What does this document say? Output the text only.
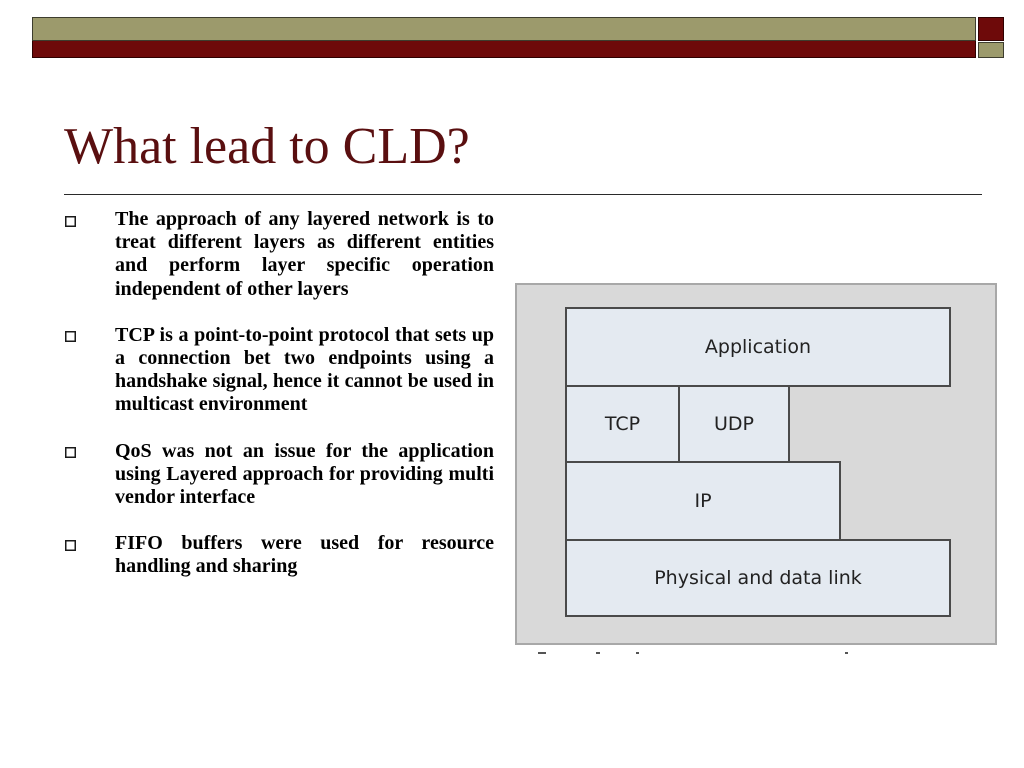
What lead to CLD?
The approach of any layered network is to treat different layers as different entities and perform layer specific operation independent of other layers
TCP is a point-to-point protocol that sets up a connection bet two endpoints using a handshake signal, hence it cannot be used in multicast environment
QoS was not an issue for the application using Layered approach for providing multi vendor interface
FIFO buffers were used for resource handling and sharing
Application
TCP	UDP
IP
Physical and data link
